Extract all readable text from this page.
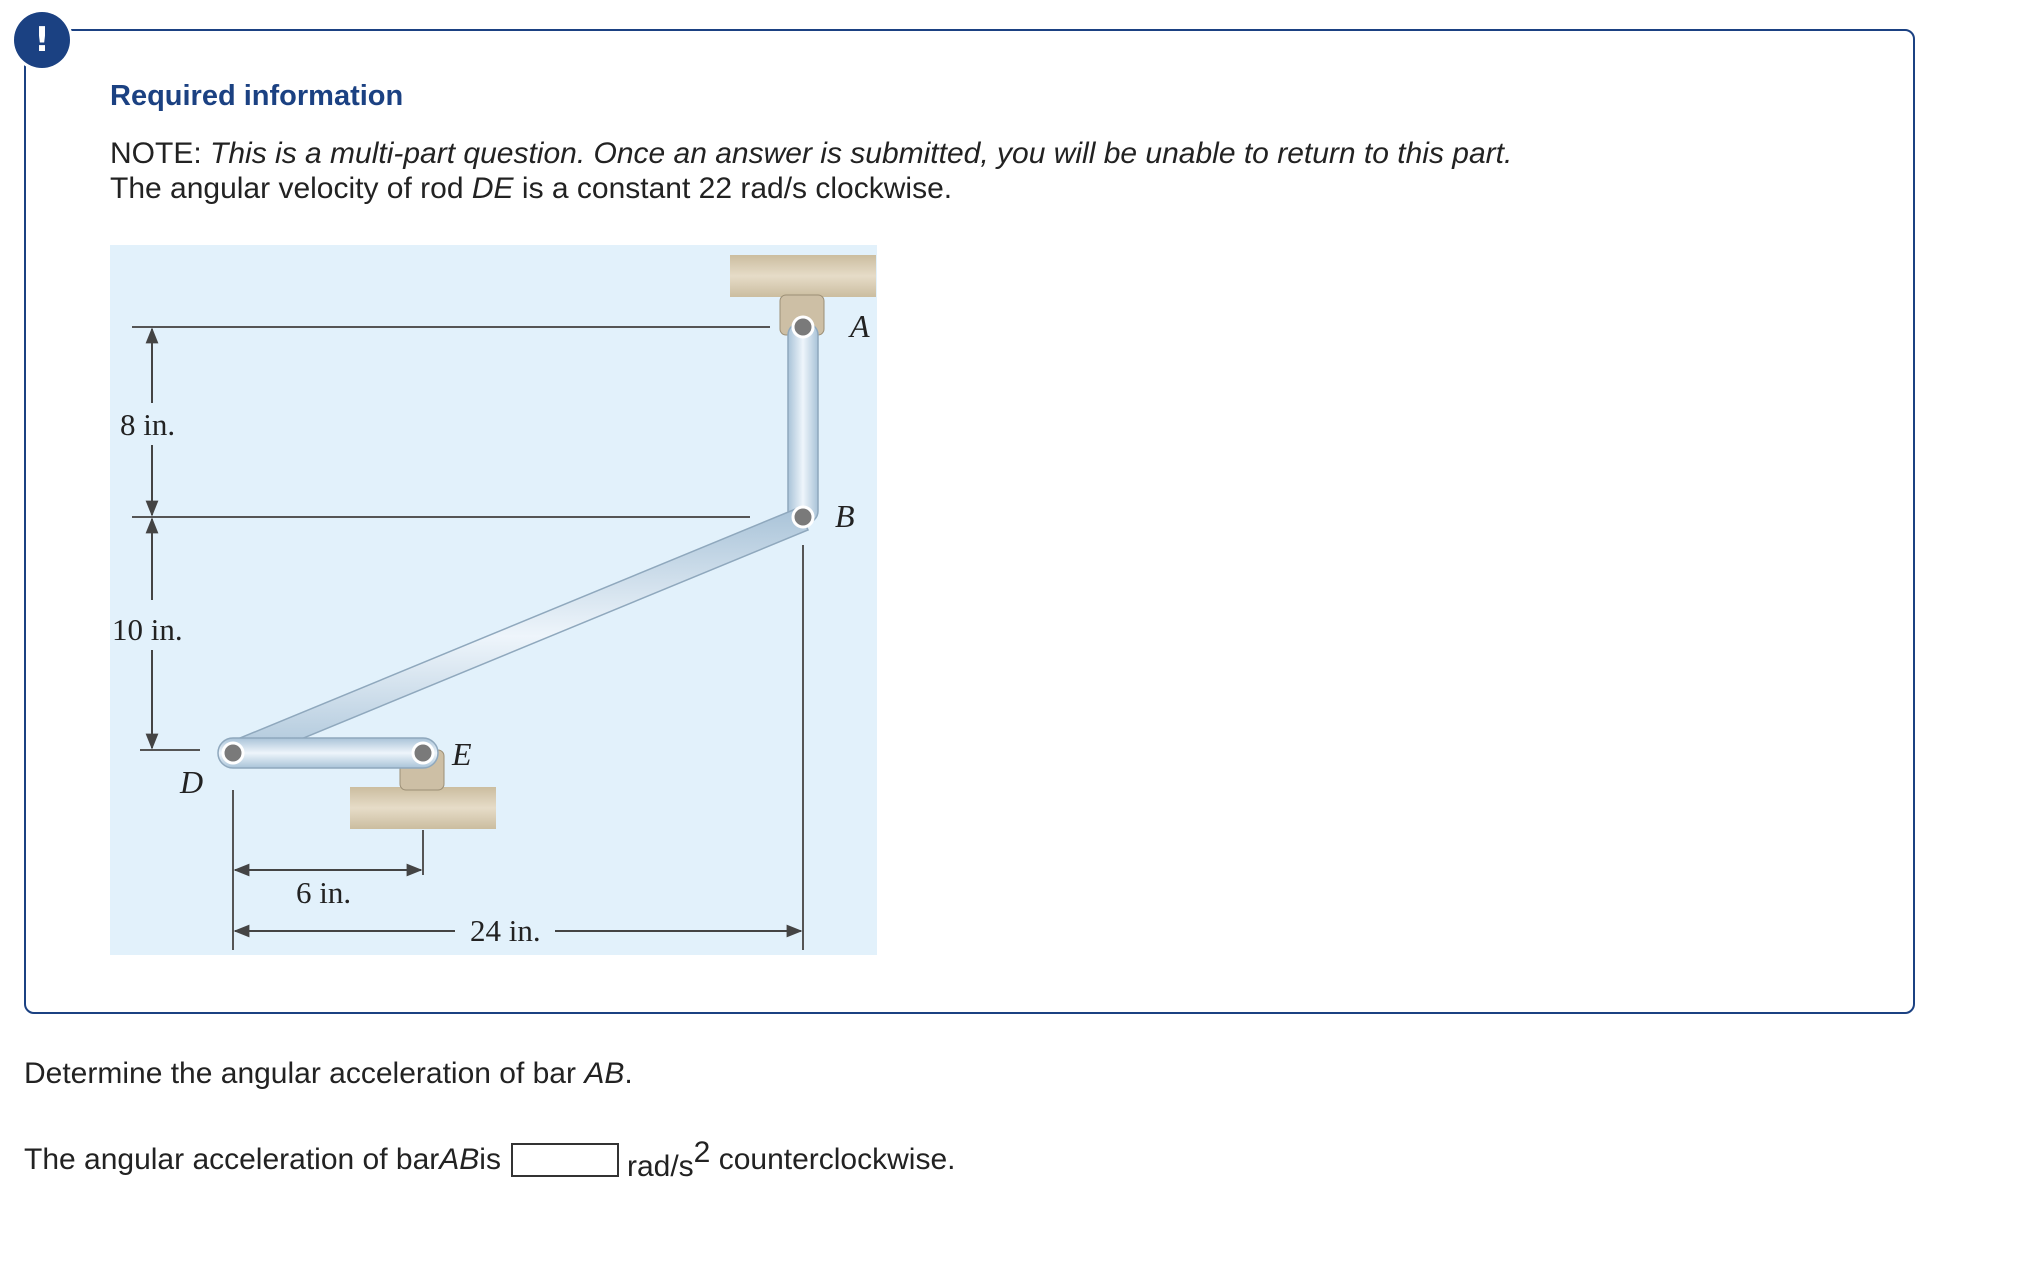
!
Required information
NOTE: This is a multi-part question. Once an answer is submitted, you will be unable to return to this part.
The angular velocity of rod DE is a constant 22 rad/s clockwise.
A
B
D
E
8 in.
10 in.
6 in.
24 in.
Determine the angular acceleration of bar AB.
The angular acceleration of bar AB is	rad/s2 counterclockwise.
